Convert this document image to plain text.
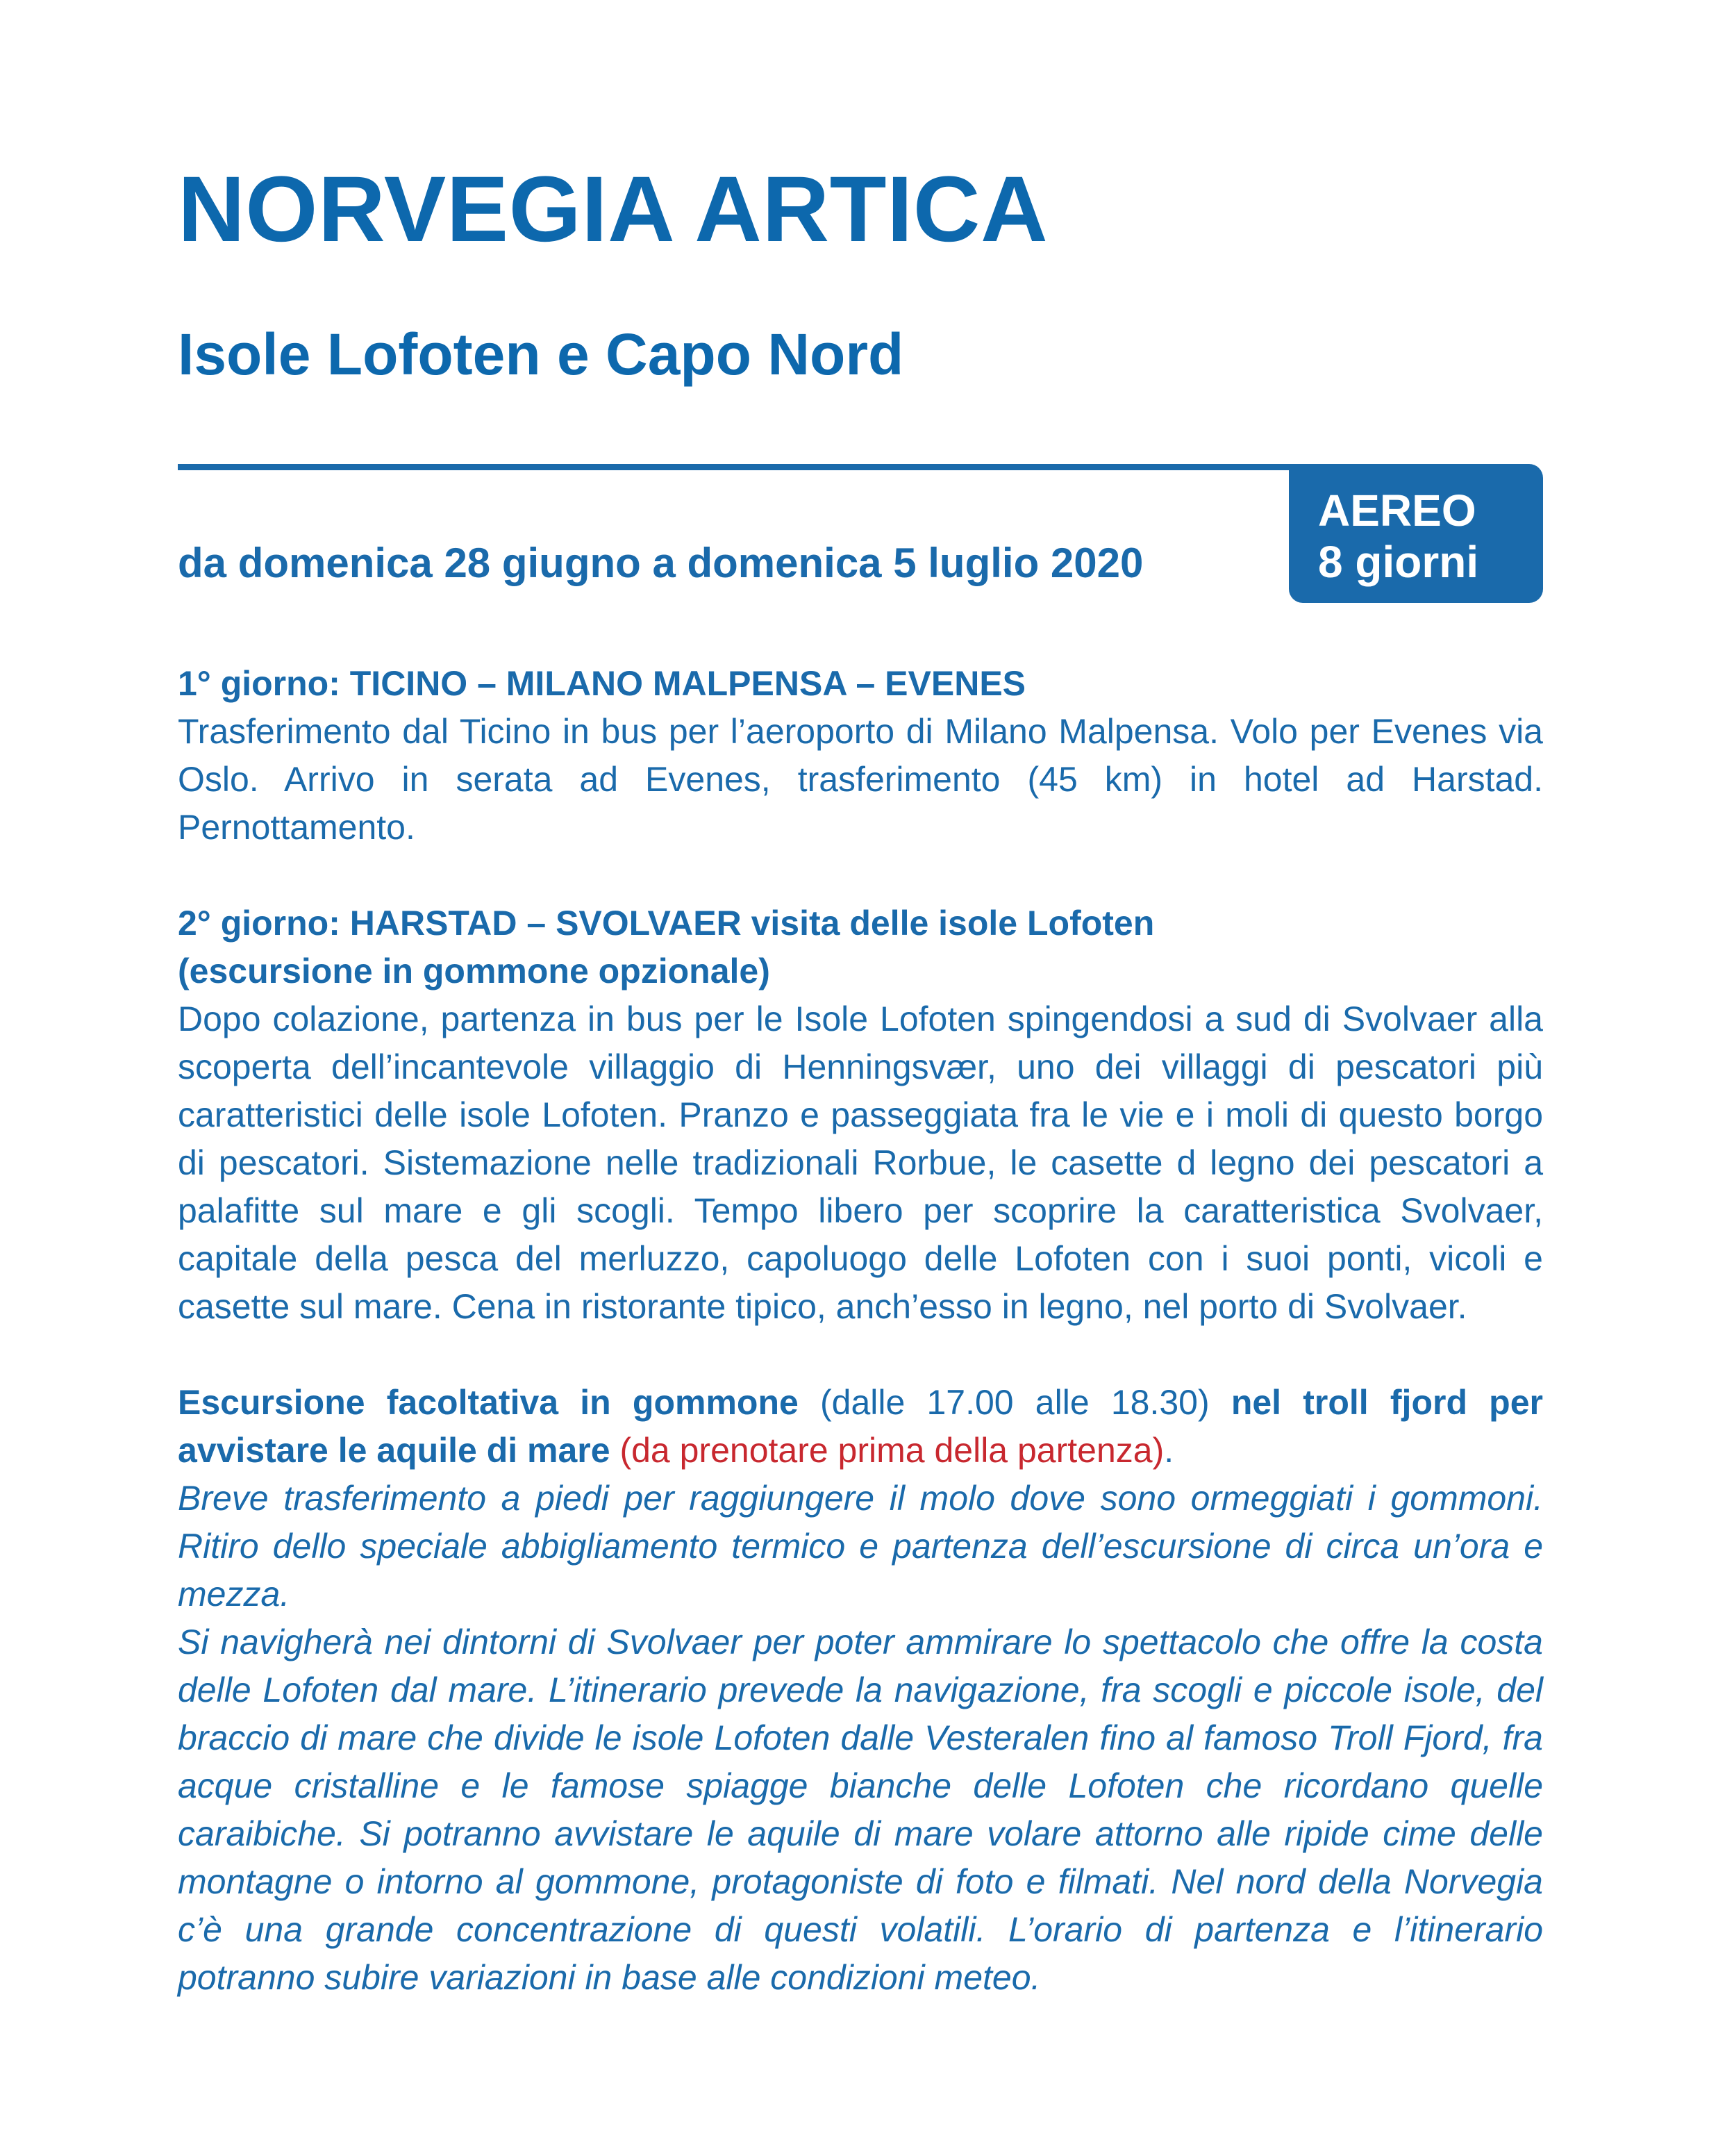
NORVEGIA ARTICA
Isole Lofoten e Capo Nord
AEREO
8 giorni
da domenica 28 giugno a domenica 5 luglio 2020

1° giorno: TICINO – MILANO MALPENSA – EVENES

Trasferimento dal Ticino in bus per l’aeroporto di Milano Malpensa. Volo per Evenes via Oslo. Arrivo in serata ad Evenes, trasferimento (45 km) in hotel ad Harstad. Pernottamento.

2° giorno: HARSTAD – SVOLVAER visita delle isole Lofoten

(escursione in gommone opzionale)

Dopo colazione, partenza in bus per le Isole Lofoten spingendosi a sud di Svolvaer alla scoperta dell’incantevole villaggio di Henningsvær, uno dei villaggi di pescatori più caratteristici delle isole Lofoten. Pranzo e passeggiata fra le vie e i moli di questo borgo di pescatori. Sistemazione nelle tradizionali Rorbue, le casette d legno dei pescatori a palafitte sul mare e gli scogli. Tempo libero per scoprire la caratteristica Svolvaer, capitale della pesca del merluzzo, capoluogo delle Lofoten con i suoi ponti, vicoli e casette sul mare. Cena in ristorante tipico, anch’esso in legno, nel porto di Svolvaer.

Escursione facoltativa in gommone (dalle 17.00 alle 18.30) nel troll fjord per avvistare le aquile di mare (da prenotare prima della partenza).

Breve trasferimento a piedi per raggiungere il molo dove sono ormeggiati i gommoni. Ritiro dello speciale abbigliamento termico e partenza dell’escursione di circa un’ora e mezza.

Si navigherà nei dintorni di Svolvaer per poter ammirare lo spettacolo che offre la costa delle Lofoten dal mare. L’itinerario prevede la navigazione, fra scogli e piccole isole, del braccio di mare che divide le isole Lofoten dalle Vesteralen fino al famoso Troll Fjord, fra acque cristalline e le famose spiagge bianche delle Lofoten che ricordano quelle caraibiche. Si potranno avvistare le aquile di mare volare attorno alle ripide cime delle montagne o intorno al gommone, protagoniste di foto e filmati. Nel nord della Norvegia c’è una grande concentrazione di questi volatili. L’orario di partenza e l’itinerario potranno subire variazioni in base alle condizioni meteo.
